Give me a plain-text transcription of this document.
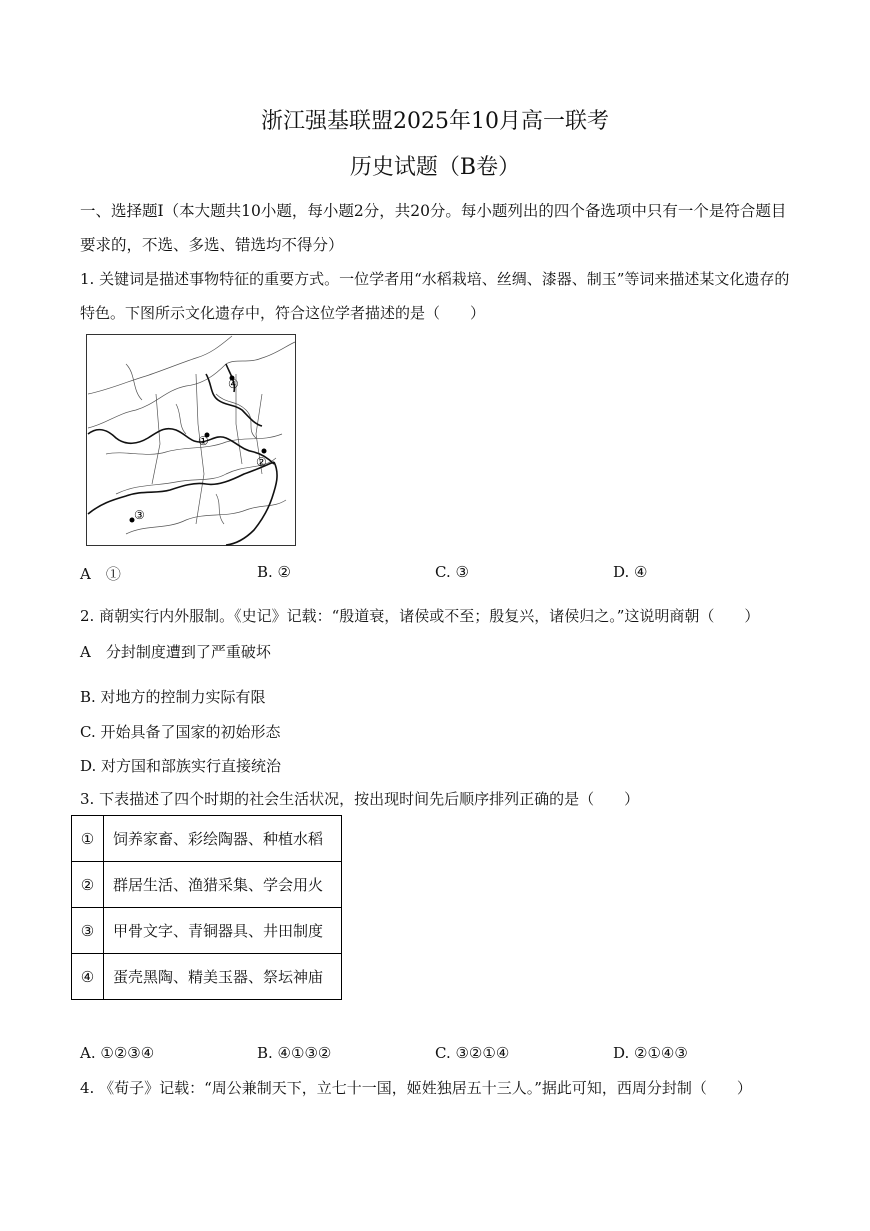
浙江强基联盟2025年10月高一联考
历史试题（B卷）
一、选择题Ⅰ（本大题共10小题，每小题2分，共20分。每小题列出的四个备选项中只有一个是符合题目要求的，不选、多选、错选均不得分）
1. 关键词是描述事物特征的重要方式。一位学者用“水稻栽培、丝绸、漆器、制玉”等词来描述某文化遗存的特色。下图所示文化遗存中，符合这位学者描述的是（　　）
④
①
②
③
A　①	B. ②	C. ③	D. ④
2. 商朝实行内外服制。《史记》记载：“殷道衰，诸侯或不至；殷复兴，诸侯归之。”这说明商朝（　　）
A　分封制度遭到了严重破坏
B. 对地方的控制力实际有限
C. 开始具备了国家的初始形态
D. 对方国和部族实行直接统治
3. 下表描述了四个时期的社会生活状况，按出现时间先后顺序排列正确的是（　　）
①	饲养家畜、彩绘陶器、种植水稻
②	群居生活、渔猎采集、学会用火
③	甲骨文字、青铜器具、井田制度
④	蛋壳黑陶、精美玉器、祭坛神庙
A. ①②③④	B. ④①③②	C. ③②①④	D. ②①④③
4. 《荀子》记载：“周公兼制天下，立七十一国，姬姓独居五十三人。”据此可知，西周分封制（　　）
